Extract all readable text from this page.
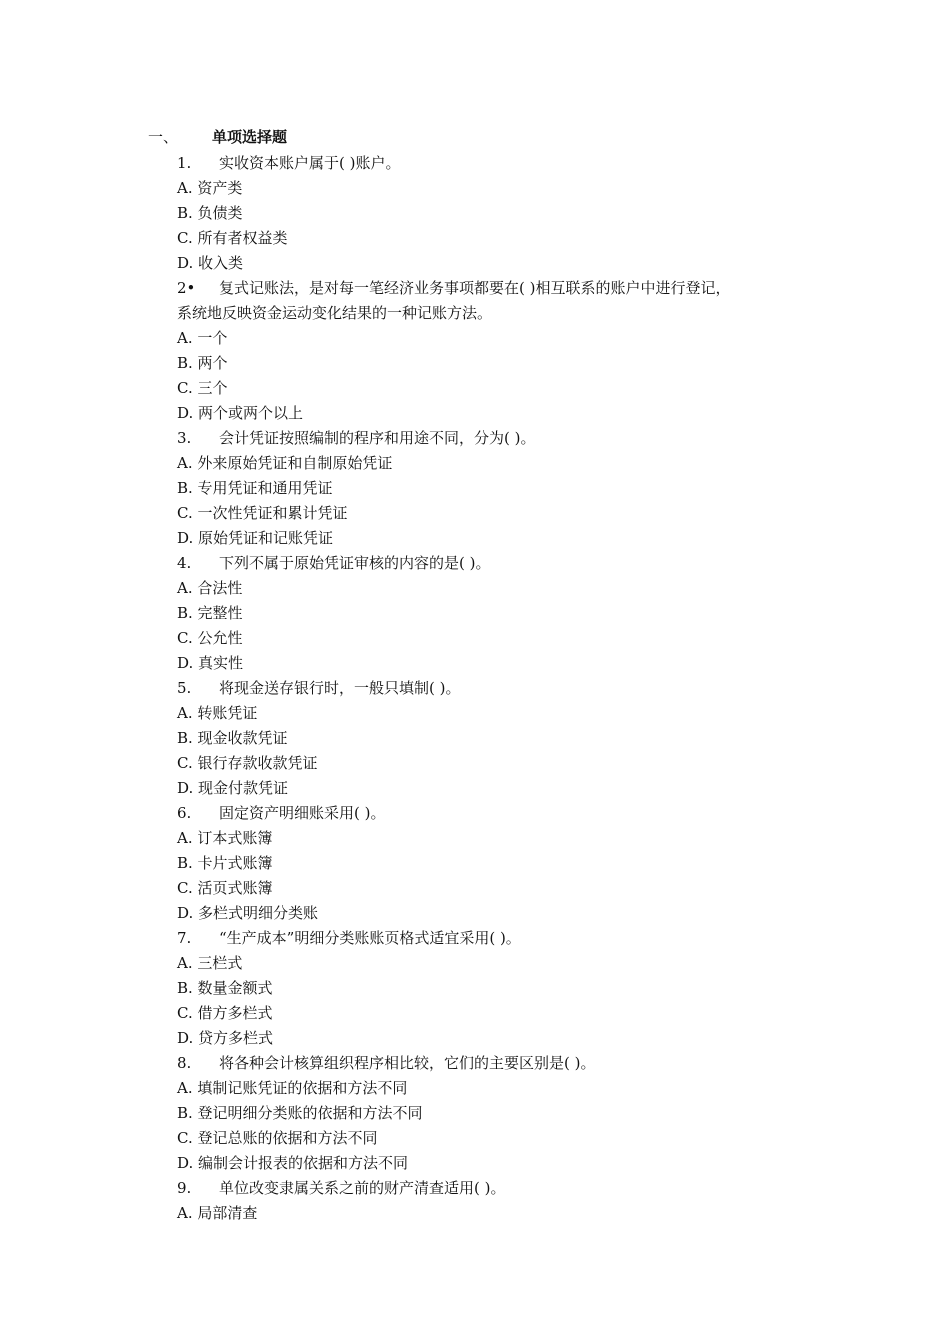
一、 单项选择题
1. 实收资本账户属于( )账户。
A. 资产类
B. 负债类
C. 所有者权益类
D. 收入类
2• 复式记账法，是对每一笔经济业务事项都要在( )相互联系的账户中进行登记，
系统地反映资金运动变化结果的一种记账方法。
A. 一个
B. 两个
C. 三个
D. 两个或两个以上
3. 会计凭证按照编制的程序和用途不同，分为( )。
A. 外来原始凭证和自制原始凭证
B. 专用凭证和通用凭证
C. 一次性凭证和累计凭证
D. 原始凭证和记账凭证
4. 下列不属于原始凭证审核的内容的是( )。
A. 合法性
B. 完整性
C. 公允性
D. 真实性
5. 将现金送存银行时，一般只填制( )。
A. 转账凭证
B. 现金收款凭证
C. 银行存款收款凭证
D. 现金付款凭证
6. 固定资产明细账采用( )。
A. 订本式账簿
B. 卡片式账簿
C. 活页式账簿
D. 多栏式明细分类账
7. “生产成本”明细分类账账页格式适宜采用( )。
A. 三栏式
B. 数量金额式
C. 借方多栏式
D. 贷方多栏式
8. 将各种会计核算组织程序相比较，它们的主要区别是( )。
A. 填制记账凭证的依据和方法不同
B. 登记明细分类账的依据和方法不同
C. 登记总账的依据和方法不同
D. 编制会计报表的依据和方法不同
9. 单位改变隶属关系之前的财产清查适用( )。
A. 局部清查
